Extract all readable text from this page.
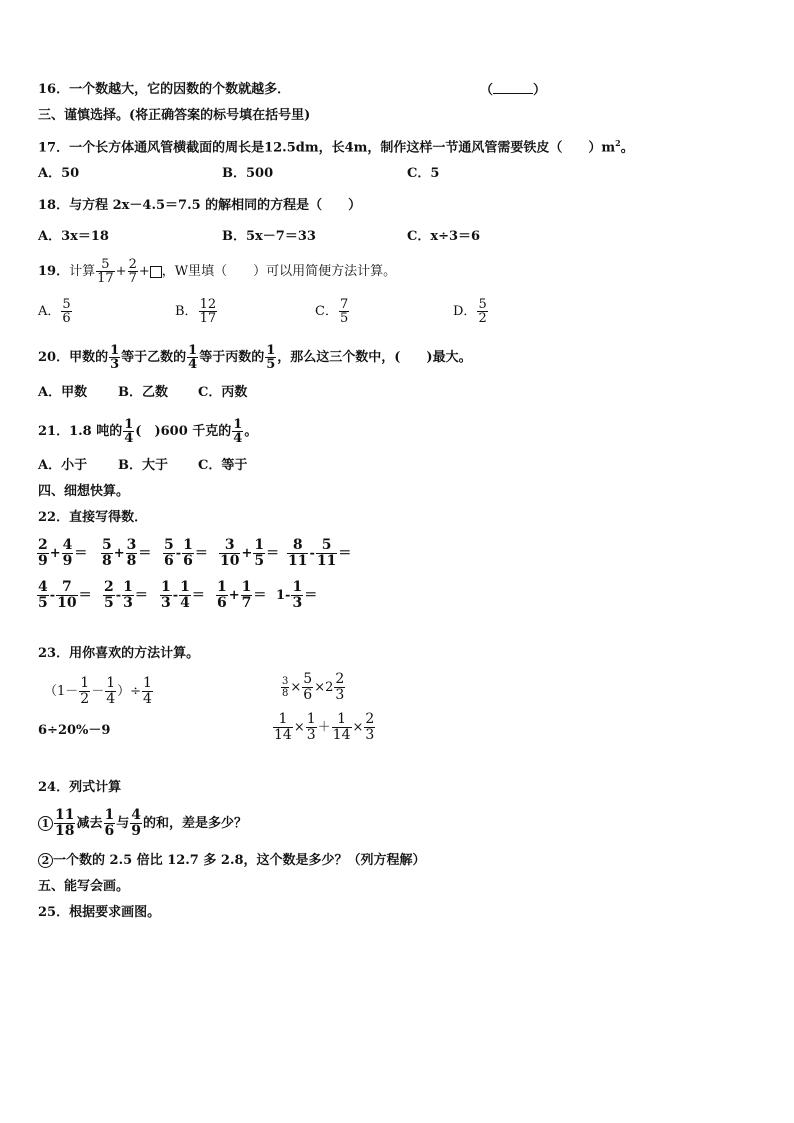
16．一个数越大，它的因数的个数就越多．	（	）
三、谨慎选择。(将正确答案的标号填在括号里)
17．一个长方体通风管横截面的周长是12.5dm，长4m，制作这样一节通风管需要铁皮（　　）$m^2$。
A．50	B．500	C．5
18．与方程 2x－4.5＝7.5 的解相同的方程是（　　）
A．3x＝18	B．5x－7＝33	C．x÷3＝6
19．计算 $\frac{5}{17} + \frac{2}{7}$ + ，W里填（　　）可以用简便方法计算。
A． $\frac{5}{6}$	B． $\frac{12}{17}$	C． $\frac{7}{5}$	D． $\frac{5}{2}$
20．甲数的 $\frac{1}{3}$ 等于乙数的 $\frac{1}{4}$ 等于丙数的 $\frac{1}{5}$ ，那么这三个数中，(　　)最大。
A．甲数 B．乙数 C．丙数
21．1.8 吨的 $\frac{1}{4}$ (　)600 千克的 $\frac{1}{4}$ 。
A．小于 B．大于 C．等于
四、细想快算。
22．直接写得数．
$\frac{2}{9} + \frac{4}{9} = \frac{5}{8} + \frac{3}{8} = \frac{5}{6} - \frac{1}{6} = \frac{3}{10} + \frac{1}{5} = \frac{8}{11} - \frac{5}{11}$ ＝
$\frac{4}{5} - \frac{7}{10} = \frac{2}{5} - \frac{1}{3} = \frac{1}{3} - \frac{1}{4} = \frac{1}{6} + \frac{1}{7} = 1- \frac{1}{3}$ ＝
23．用你喜欢的方法计算。
（$1- \frac{1}{2} - \frac{1}{4}$ ）÷ $\frac{1}{4}$	$\frac{3}{8} \times \frac{5}{6} \times 2 \frac{2}{3}$
6÷20%－9	$\frac{1}{14} \times \frac{1}{3} + \frac{1}{14} \times \frac{2}{3}$
24．列式计算
$1 \frac{11}{18}$ 减去 $\frac{1}{6}$ 与 $\frac{4}{9}$ 的和，差是多少？
2 一个数的 2.5 倍比 12.7 多 2.8，这个数是多少？（列方程解）
五、能写会画。
25．根据要求画图。
